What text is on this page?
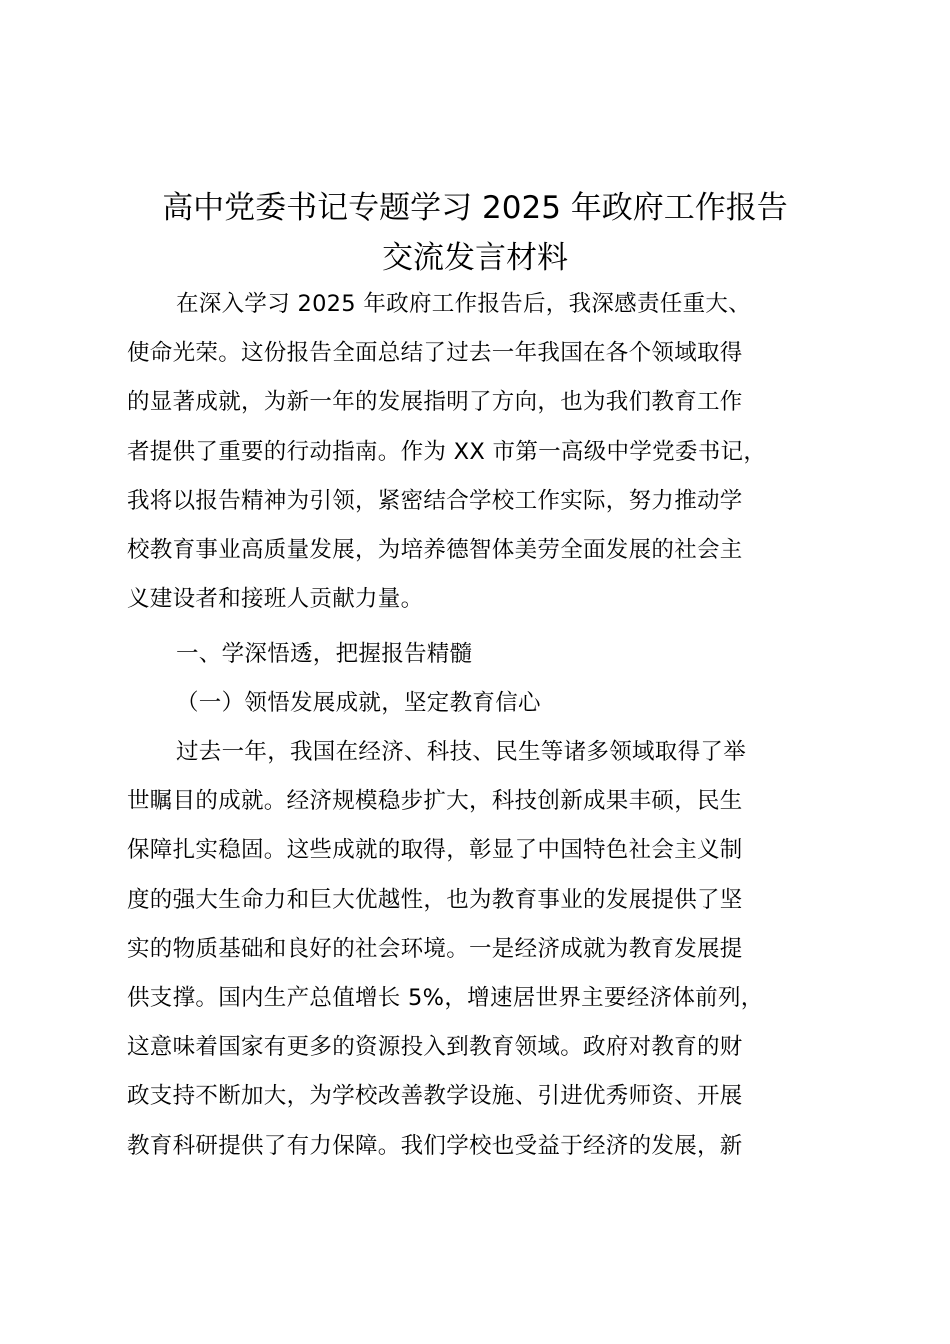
高中党委书记专题学习 2025 年政府工作报告
交流发言材料
在深入学习 2025 年政府工作报告后，我深感责任重大、
使命光荣。这份报告全面总结了过去一年我国在各个领域取得
的显著成就，为新一年的发展指明了方向，也为我们教育工作
者提供了重要的行动指南。作为 XX 市第一高级中学党委书记，
我将以报告精神为引领，紧密结合学校工作实际，努力推动学
校教育事业高质量发展，为培养德智体美劳全面发展的社会主
义建设者和接班人贡献力量。
一、学深悟透，把握报告精髓
（一）领悟发展成就，坚定教育信心
过去一年，我国在经济、科技、民生等诸多领域取得了举
世瞩目的成就。经济规模稳步扩大，科技创新成果丰硕，民生
保障扎实稳固。这些成就的取得，彰显了中国特色社会主义制
度的强大生命力和巨大优越性，也为教育事业的发展提供了坚
实的物质基础和良好的社会环境。一是经济成就为教育发展提
供支撑。国内生产总值增长 5%，增速居世界主要经济体前列，
这意味着国家有更多的资源投入到教育领域。政府对教育的财
政支持不断加大，为学校改善教学设施、引进优秀师资、开展
教育科研提供了有力保障。我们学校也受益于经济的发展，新
